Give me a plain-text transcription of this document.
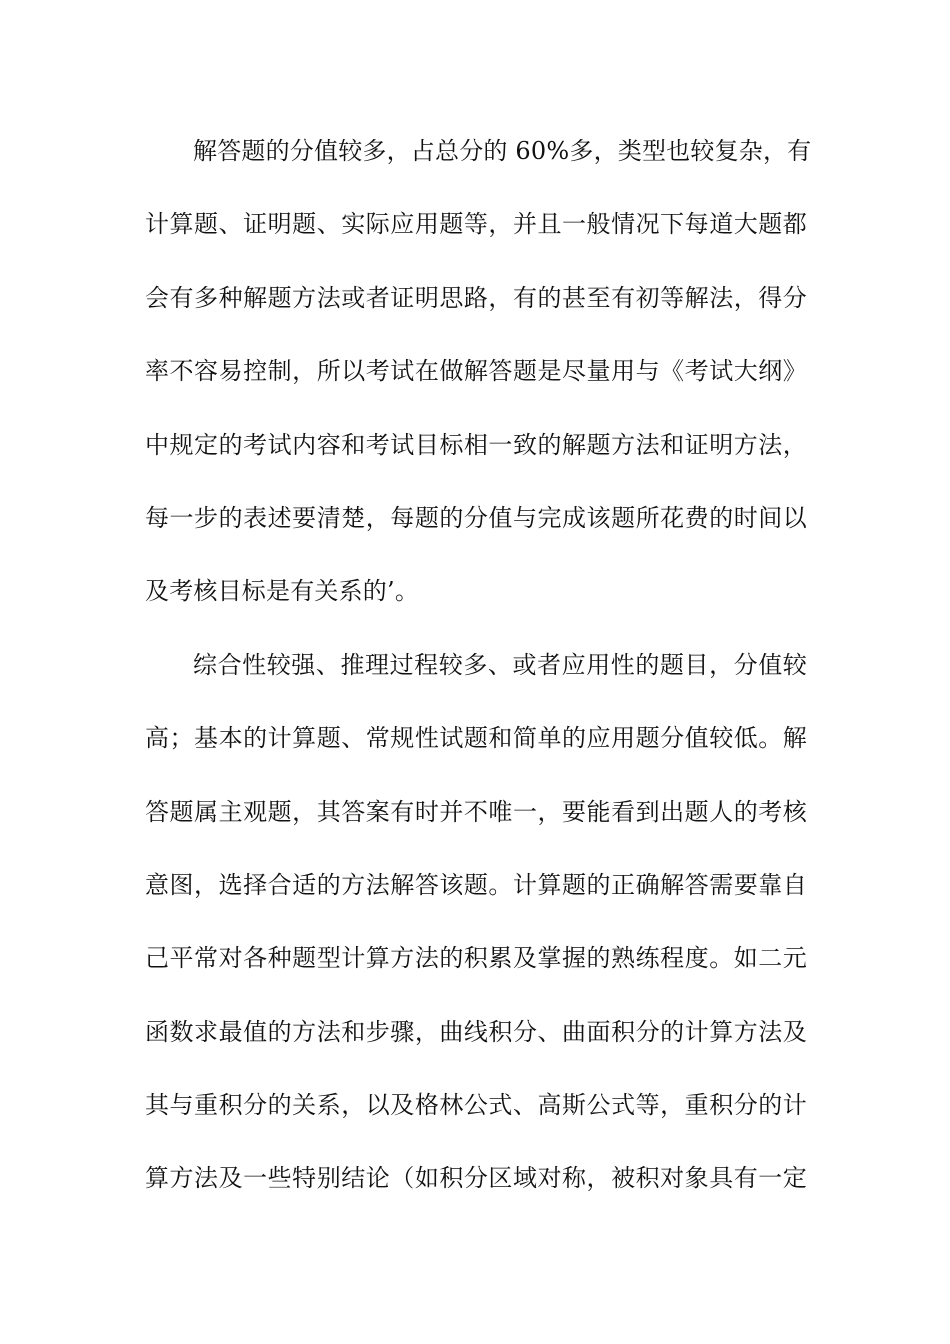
解答题的分值较多，占总分的 60%多，类型也较复杂，有
计算题、证明题、实际应用题等，并且一般情况下每道大题都
会有多种解题方法或者证明思路，有的甚至有初等解法，得分
率不容易控制，所以考试在做解答题是尽量用与《考试大纲》
中规定的考试内容和考试目标相一致的解题方法和证明方法，
每一步的表述要清楚，每题的分值与完成该题所花费的时间以
及考核目标是有关系的’。
综合性较强、推理过程较多、或者应用性的题目，分值较
高；基本的计算题、常规性试题和简单的应用题分值较低。解
答题属主观题，其答案有时并不唯一，要能看到出题人的考核
意图，选择合适的方法解答该题。计算题的正确解答需要靠自
己平常对各种题型计算方法的积累及掌握的熟练程度。如二元
函数求最值的方法和步骤，曲线积分、曲面积分的计算方法及
其与重积分的关系，以及格林公式、高斯公式等，重积分的计
算方法及一些特别结论（如积分区域对称，被积对象具有一定
